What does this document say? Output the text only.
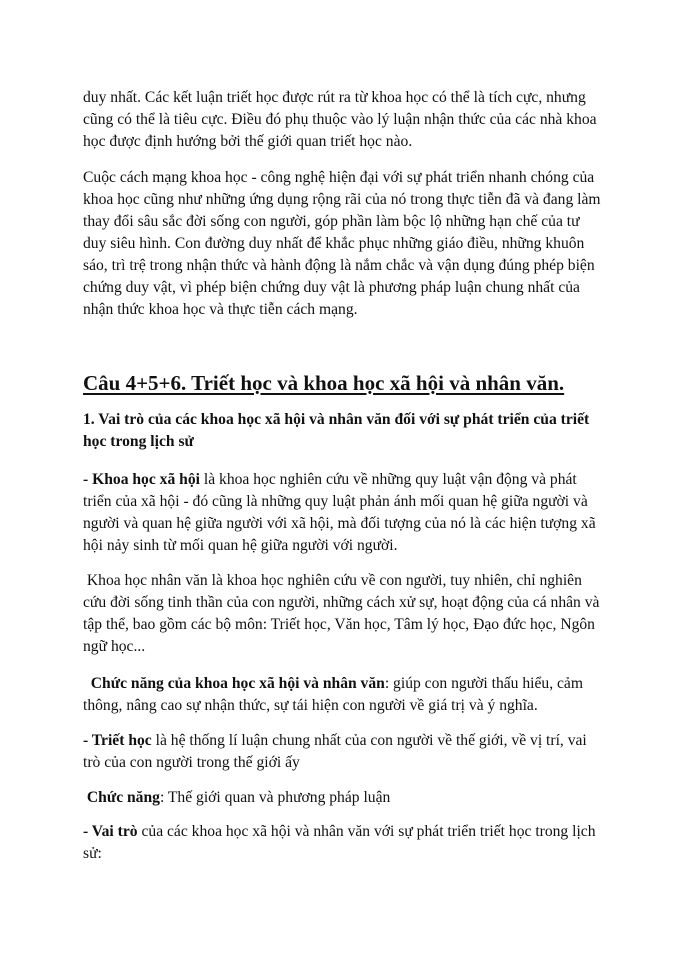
duy nhất. Các kết luận triết học được rút ra từ khoa học có thể là tích cực, nhưng
cũng có thể là tiêu cực. Điều đó phụ thuộc vào lý luận nhận thức của các nhà khoa
học được định hướng bởi thế giới quan triết học nào.
Cuộc cách mạng khoa học - công nghệ hiện đại với sự phát triển nhanh chóng của
khoa học cũng như những ứng dụng rộng rãi của nó trong thực tiễn đã và đang làm
thay đổi sâu sắc đời sống con người, góp phần làm bộc lộ những hạn chế của tư
duy siêu hình. Con đường duy nhất để khắc phục những giáo điều, những khuôn
sáo, trì trệ trong nhận thức và hành động là nắm chắc và vận dụng đúng phép biện
chứng duy vật, vì phép biện chứng duy vật là phương pháp luận chung nhất của
nhận thức khoa học và thực tiễn cách mạng.
Câu 4+5+6. Triết học và khoa học xã hội và nhân văn.
1. Vai trò của các khoa học xã hội và nhân văn đối với sự phát triển của triết
học trong lịch sử
- Khoa học xã hội là khoa học nghiên cứu về những quy luật vận động và phát
triển của xã hội - đó cũng là những quy luật phản ánh mối quan hệ giữa người và
người và quan hệ giữa người với xã hội, mà đối tượng của nó là các hiện tượng xã
hội nảy sinh từ mối quan hệ giữa người với người.
Khoa học nhân văn là khoa học nghiên cứu về con người, tuy nhiên, chỉ nghiên
cứu đời sống tinh thần của con người, những cách xử sự, hoạt động của cá nhân và
tập thể, bao gồm các bộ môn: Triết học, Văn học, Tâm lý học, Đạo đức học, Ngôn
ngữ học...
Chức năng của khoa học xã hội và nhân văn: giúp con người thấu hiểu, cảm
thông, nâng cao sự nhận thức, sự tái hiện con người về giá trị và ý nghĩa.
- Triết học là hệ thống lí luận chung nhất của con người về thế giới, về vị trí, vai
trò của con người trong thế giới ấy
Chức năng: Thế giới quan và phương pháp luận
- Vai trò của các khoa học xã hội và nhân văn với sự phát triển triết học trong lịch
sử:
